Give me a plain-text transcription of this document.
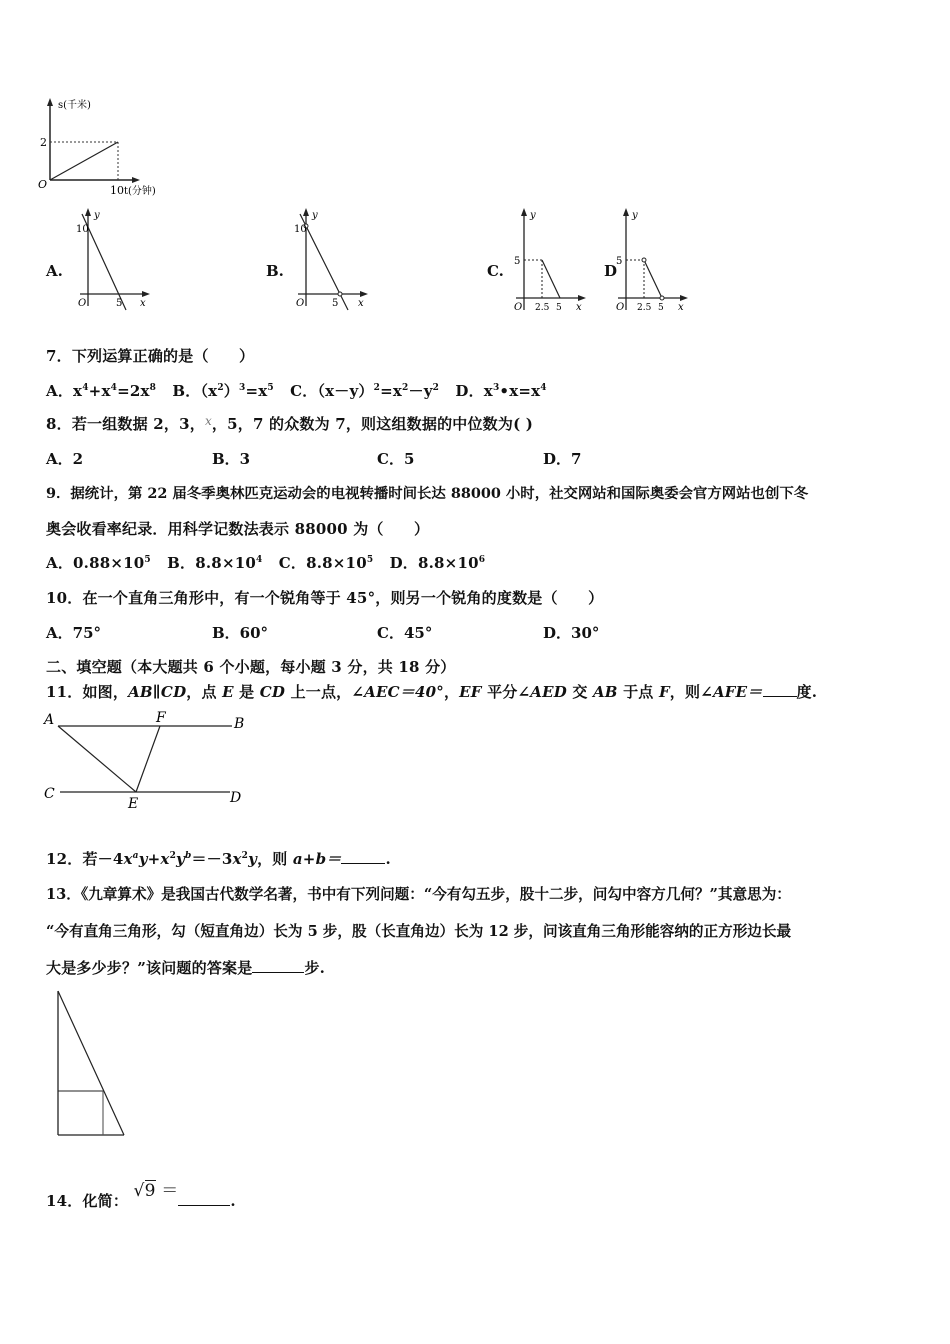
s(千米)
2
O	10 t(分钟)
A.
y
10
O	5 x
B.
y
10
O	5 x
C.
y
5
O 2.5 5 x
D
y
5
O 2.5 5 x
7．下列运算正确的是（　　）
A．$x^4+x^4=2x^8$ B．$(x^2)^3=x^5$ C．$(x-y)^2=x^2-y^2$ D．$x^3•x=x^4$
8．若一组数据 2，3，$^x$，5，7 的众数为 7，则这组数据的中位数为( )
A．2	B．3	C．5	D．7
9．据统计，第 22 届冬季奥林匹克运动会的电视转播时间长达 88000 小时，社交网站和国际奥委会官方网站也创下冬
奥会收看率纪录．用科学记数法表示 88000 为（　　）
A．$0.88\times 10^5$ B．$8.8\times 10^4$ C．$8.8\times 10^5$ D．$8.8\times 10^6$
10．在一个直角三角形中，有一个锐角等于 45°，则另一个锐角的度数是（　　）
A．75°	B．60°	C．45°	D．30°
二、填空题（本大题共 6 个小题，每小题 3 分，共 18 分）
11．如图，AB∥CD，点 E 是 CD 上一点，∠AEC＝40°，EF 平分∠AED 交 AB 于点 F，则∠AFE＝ 度.
A	F	B
C
E	D
12．若$-4x^ay+x^2y^b=-3x^2y$，则 a+b＝	.
13．《九章算术》是我国古代数学名著，书中有下列问题：“今有勾五步，股十二步，问勾中容方几何？”其意思为：
“今有直角三角形，勾（短直角边）长为 5 步，股（长直角边）长为 12 步，问该直角三角形能容纳的正方形边长最
大是多少步？”该问题的答案是	步.
14．化简： √9 ＝	.
